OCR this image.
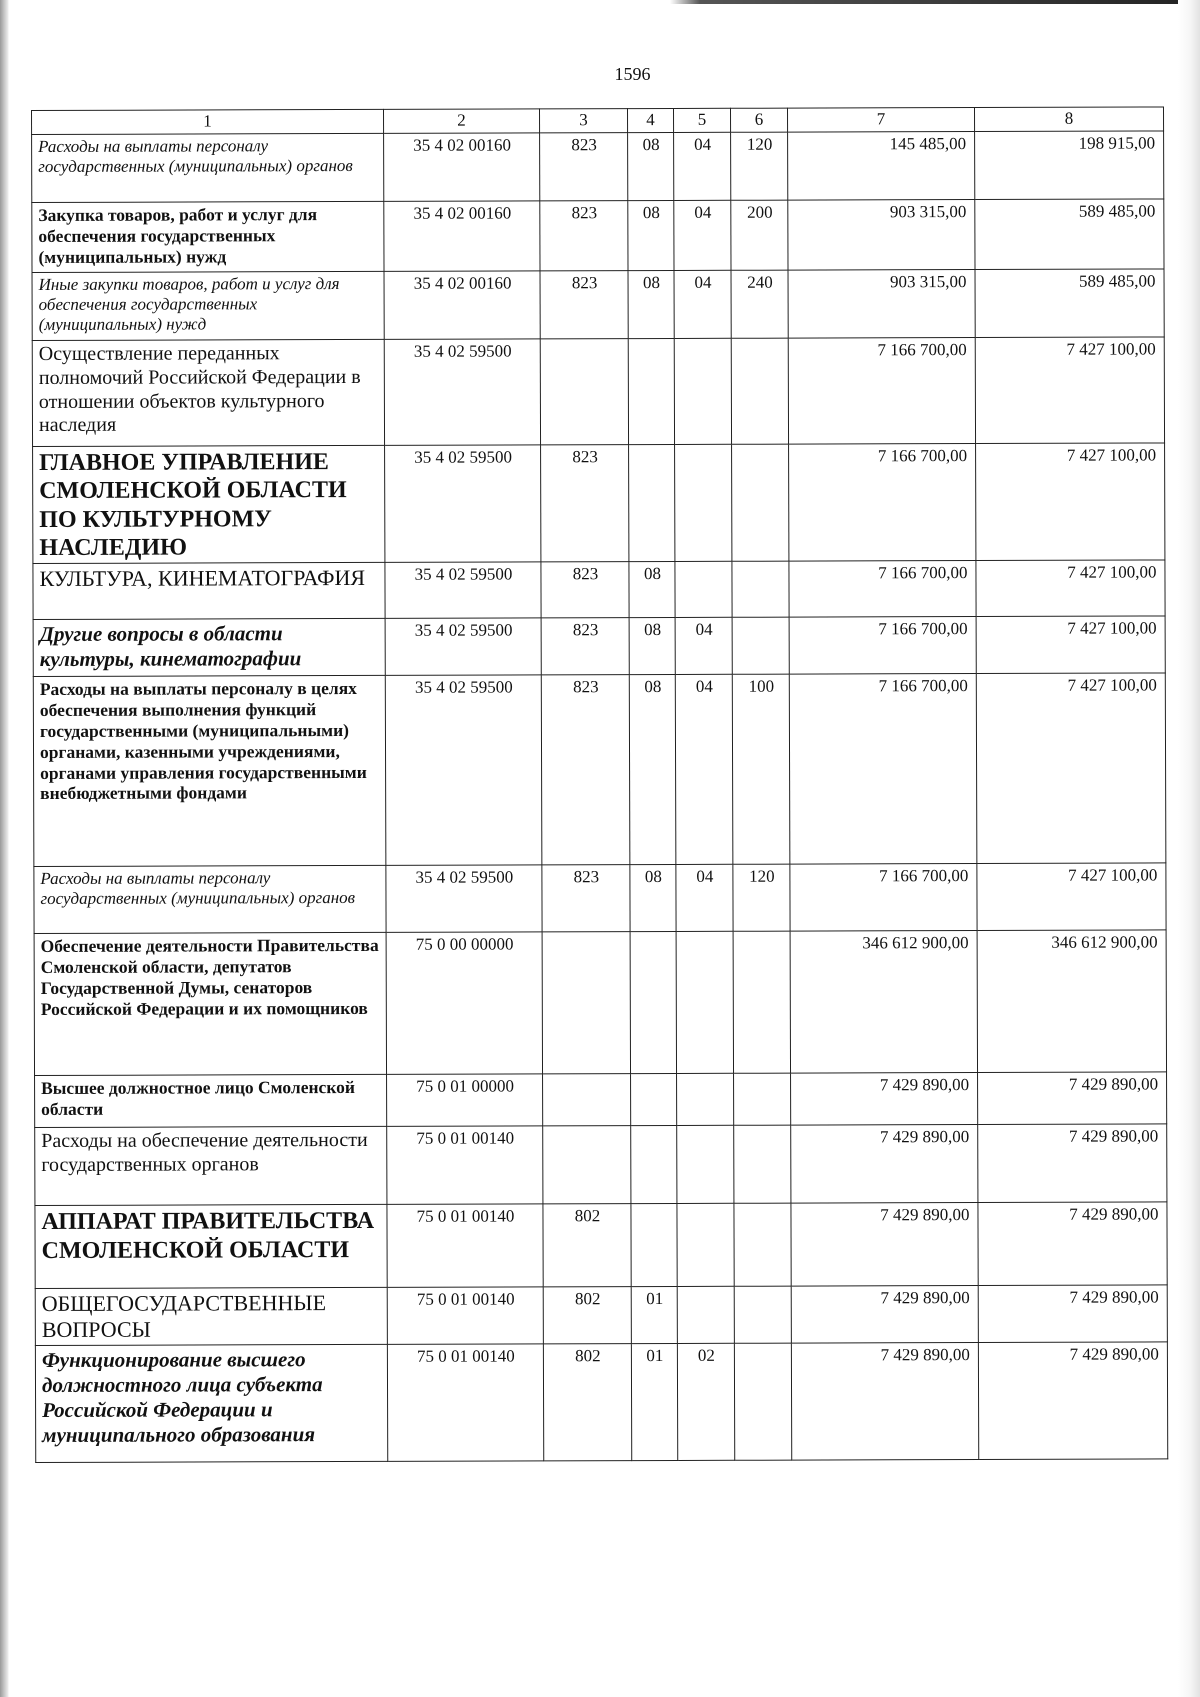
1596
1	2	3	4	5	6	7	8
Расходы на выплаты персоналу государственных (муниципальных) органов	35 4 02 00160	823	08	04	120	145 485,00	198 915,00
Закупка товаров, работ и услуг для обеспечения государственных (муниципальных) нужд	35 4 02 00160	823	08	04	200	903 315,00	589 485,00
Иные закупки товаров, работ и услуг для обеспечения государственных (муниципальных) нужд	35 4 02 00160	823	08	04	240	903 315,00	589 485,00
Осуществление переданных полномочий Российской Федерации в отношении объектов культурного наследия	35 4 02 59500					7 166 700,00	7 427 100,00
ГЛАВНОЕ УПРАВЛЕНИЕ СМОЛЕНСКОЙ ОБЛАСТИ ПО КУЛЬТУРНОМУ НАСЛЕДИЮ	35 4 02 59500	823				7 166 700,00	7 427 100,00
КУЛЬТУРА, КИНЕМАТОГРАФИЯ	35 4 02 59500	823	08			7 166 700,00	7 427 100,00
Другие вопросы в области культуры, кинематографии	35 4 02 59500	823	08	04		7 166 700,00	7 427 100,00
Расходы на выплаты персоналу в целях обеспечения выполнения функций государственными (муниципальными) органами, казенными учреждениями, органами управления государственными внебюджетными фондами	35 4 02 59500	823	08	04	100	7 166 700,00	7 427 100,00
Расходы на выплаты персоналу государственных (муниципальных) органов	35 4 02 59500	823	08	04	120	7 166 700,00	7 427 100,00
Обеспечение деятельности Правительства Смоленской области, депутатов Государственной Думы, сенаторов Российской Федерации и их помощников	75 0 00 00000					346 612 900,00	346 612 900,00
Высшее должностное лицо Смоленской области	75 0 01 00000					7 429 890,00	7 429 890,00
Расходы на обеспечение деятельности государственных органов	75 0 01 00140					7 429 890,00	7 429 890,00
АППАРАТ ПРАВИТЕЛЬСТВА СМОЛЕНСКОЙ ОБЛАСТИ	75 0 01 00140	802				7 429 890,00	7 429 890,00
ОБЩЕГОСУДАРСТВЕННЫЕ ВОПРОСЫ	75 0 01 00140	802	01			7 429 890,00	7 429 890,00
Функционирование высшего должностного лица субъекта Российской Федерации и муниципального образования	75 0 01 00140	802	01	02		7 429 890,00	7 429 890,00
